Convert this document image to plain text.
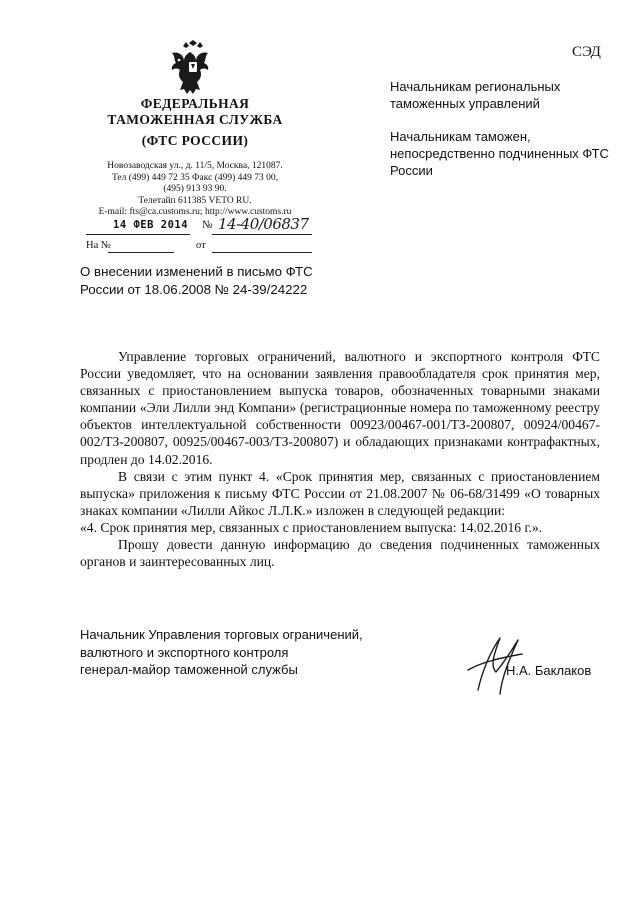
СЭД
ФЕДЕРАЛЬНАЯ
ТАМОЖЕННАЯ СЛУЖБА
(ФТС РОССИИ)
Новозаводская ул., д. 11/5, Москва, 121087.
Тел (499) 449 72 35 Факс (499) 449 73 00,
(495) 913 93 90.
Телетайп 611385 VETO RU.
E-mail: fts@ca.customs.ru; http://www.customs.ru
14 ФЕВ 2014 № 14-40/06837
На №	от
Начальникам региональных таможенных управлений
Начальникам таможен, непосредственно подчиненных ФТС России
О внесении изменений в письмо ФТС России от 18.06.2008 № 24-39/24222

Управление торговых ограничений, валютного и экспортного контроля ФТС России уведомляет, что на основании заявления правообладателя срок принятия мер, связанных с приостановлением выпуска товаров, обозначенных товарными знаками компании «Эли Лилли энд Компани» (регистрационные номера по таможенному реестру объектов интеллектуальной собственности 00923/00467-001/ТЗ-200807, 00924/00467-002/ТЗ-200807, 00925/00467-003/ТЗ-200807) и обладающих признаками контрафактных, продлен до 14.02.2016.

В связи с этим пункт 4. «Срок принятия мер, связанных с приостановлением выпуска» приложения к письму ФТС России от 21.08.2007 № 06-68/31499 «О товарных знаках компании «Лилли Айкос Л.Л.К.» изложен в следующей редакции:

«4. Срок принятия мер, связанных с приостановлением выпуска: 14.02.2016 г.».

Прошу довести данную информацию до сведения подчиненных таможенных органов и заинтересованных лиц.

Начальник Управления торговых ограничений,
валютного и экспортного контроля
генерал-майор таможенной службы	Н.А. Баклаков
